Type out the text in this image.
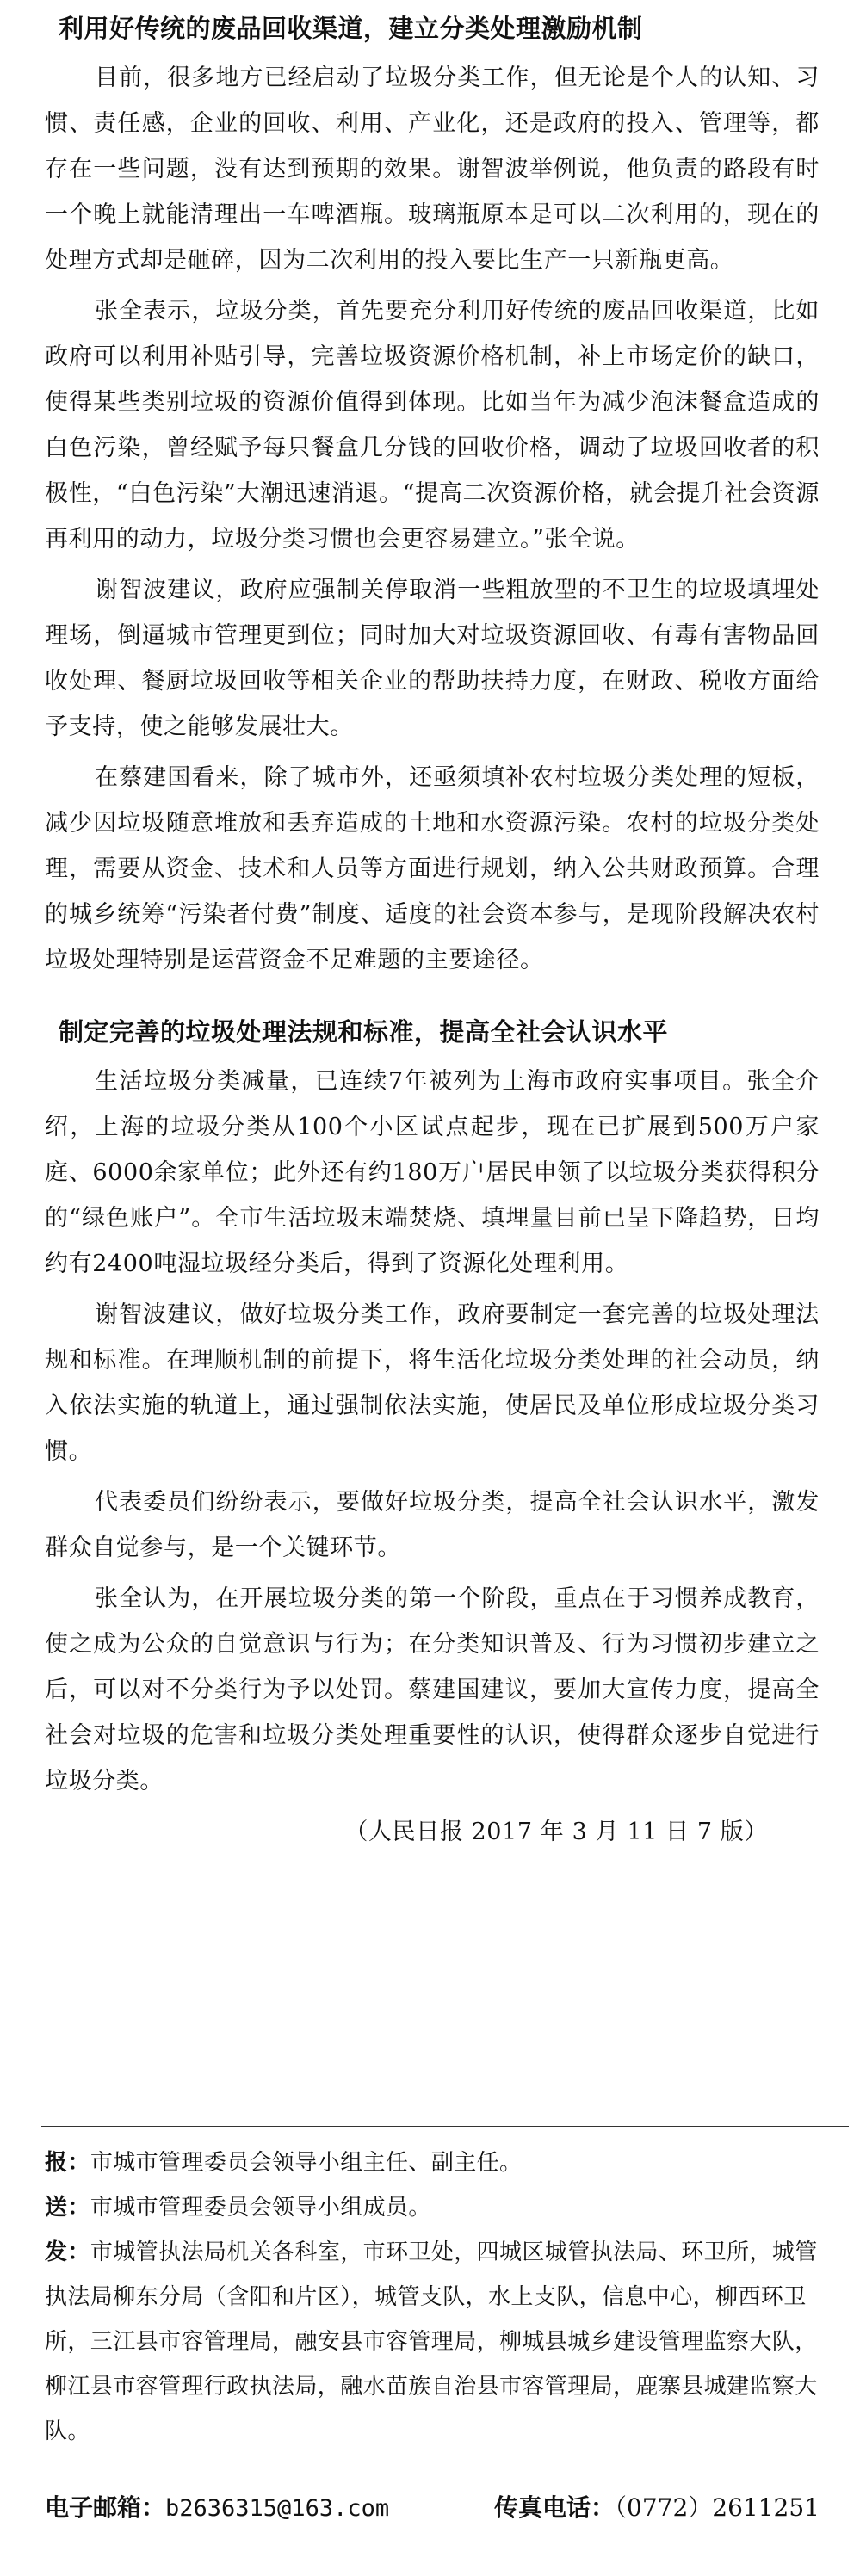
利用好传统的废品回收渠道，建立分类处理激励机制

目前，很多地方已经启动了垃圾分类工作，但无论是个人的认知、习惯、责任感，企业的回收、利用、产业化，还是政府的投入、管理等，都存在一些问题，没有达到预期的效果。谢智波举例说，他负责的路段有时一个晚上就能清理出一车啤酒瓶。玻璃瓶原本是可以二次利用的，现在的处理方式却是砸碎，因为二次利用的投入要比生产一只新瓶更高。

张全表示，垃圾分类，首先要充分利用好传统的废品回收渠道，比如政府可以利用补贴引导，完善垃圾资源价格机制，补上市场定价的缺口，使得某些类别垃圾的资源价值得到体现。比如当年为减少泡沫餐盒造成的白色污染，曾经赋予每只餐盒几分钱的回收价格，调动了垃圾回收者的积极性，“白色污染”大潮迅速消退。“提高二次资源价格，就会提升社会资源再利用的动力，垃圾分类习惯也会更容易建立。”张全说。

谢智波建议，政府应强制关停取消一些粗放型的不卫生的垃圾填埋处理场，倒逼城市管理更到位；同时加大对垃圾资源回收、有毒有害物品回收处理、餐厨垃圾回收等相关企业的帮助扶持力度，在财政、税收方面给予支持，使之能够发展壮大。

在蔡建国看来，除了城市外，还亟须填补农村垃圾分类处理的短板，减少因垃圾随意堆放和丢弃造成的土地和水资源污染。农村的垃圾分类处理，需要从资金、技术和人员等方面进行规划，纳入公共财政预算。合理的城乡统筹“污染者付费”制度、适度的社会资本参与，是现阶段解决农村垃圾处理特别是运营资金不足难题的主要途径。

制定完善的垃圾处理法规和标准，提高全社会认识水平

生活垃圾分类减量，已连续7年被列为上海市政府实事项目。张全介绍，上海的垃圾分类从100个小区试点起步，现在已扩展到500万户家庭、6000余家单位；此外还有约180万户居民申领了以垃圾分类获得积分的“绿色账户”。全市生活垃圾末端焚烧、填埋量目前已呈下降趋势，日均约有2400吨湿垃圾经分类后，得到了资源化处理利用。

谢智波建议，做好垃圾分类工作，政府要制定一套完善的垃圾处理法规和标准。在理顺机制的前提下，将生活化垃圾分类处理的社会动员，纳入依法实施的轨道上，通过强制依法实施，使居民及单位形成垃圾分类习惯。

代表委员们纷纷表示，要做好垃圾分类，提高全社会认识水平，激发群众自觉参与，是一个关键环节。

张全认为，在开展垃圾分类的第一个阶段，重点在于习惯养成教育，使之成为公众的自觉意识与行为；在分类知识普及、行为习惯初步建立之后，可以对不分类行为予以处罚。蔡建国建议，要加大宣传力度，提高全社会对垃圾的危害和垃圾分类处理重要性的认识，使得群众逐步自觉进行垃圾分类。

（人民日报 2017 年 3 月 11 日 7 版）

报：市城市管理委员会领导小组主任、副主任。

送：市城市管理委员会领导小组成员。

发：市城管执法局机关各科室，市环卫处，四城区城管执法局、环卫所，城管执法局柳东分局（含阳和片区），城管支队，水上支队，信息中心，柳西环卫所，三江县市容管理局，融安县市容管理局，柳城县城乡建设管理监察大队，柳江县市容管理行政执法局，融水苗族自治县市容管理局，鹿寨县城建监察大队。

电子邮箱：b2636315@163.com	传真电话：（0772）2611251
